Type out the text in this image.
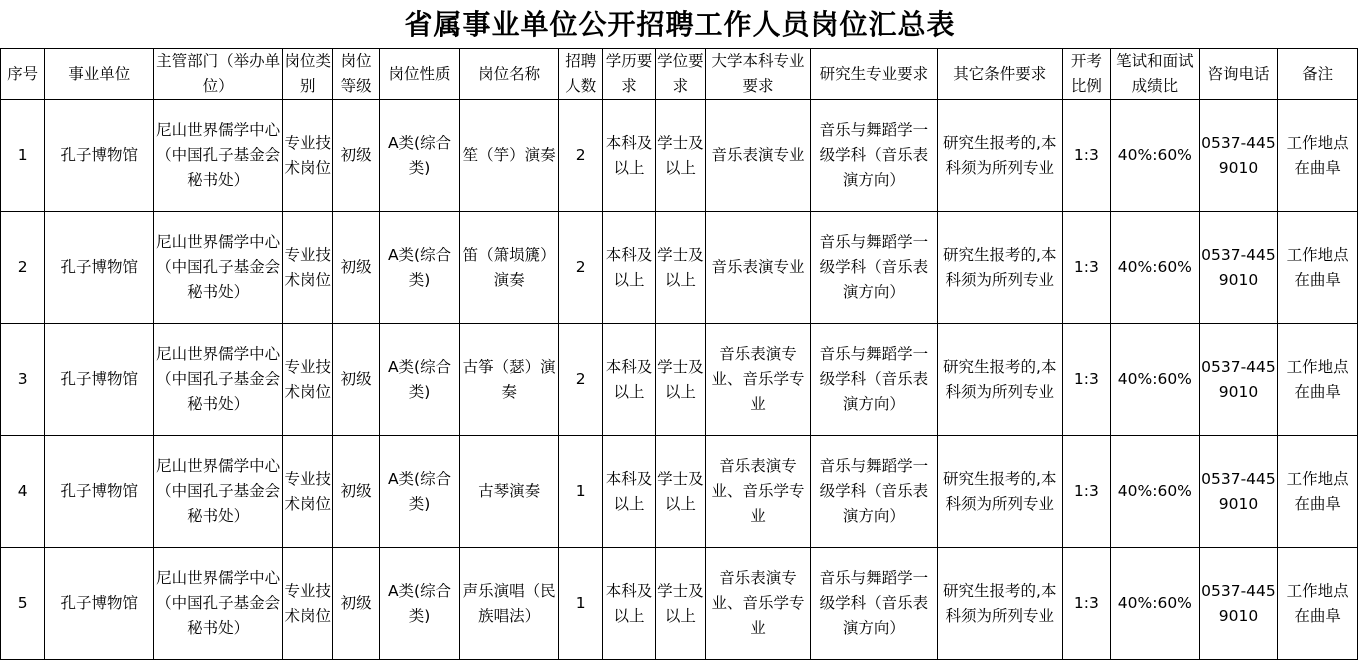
省属事业单位公开招聘工作人员岗位汇总表
序号	事业单位	主管部门（举办单位）	岗位类别	岗位等级	岗位性质	岗位名称	招聘人数	学历要求	学位要求	大学本科专业要求	研究生专业要求	其它条件要求	开考比例	笔试和面试成绩比	咨询电话	备注
1	孔子博物馆	尼山世界儒学中心（中国孔子基金会秘书处）	专业技术岗位	初级	A类(综合类)	笙（竽）演奏	2	本科及以上	学士及以上	音乐表演专业	音乐与舞蹈学一级学科（音乐表演方向）	研究生报考的,本科须为所列专业	1:3	40%:60%	0537-4459010	工作地点在曲阜
2	孔子博物馆	尼山世界儒学中心（中国孔子基金会秘书处）	专业技术岗位	初级	A类(综合类)	笛（箫埙篪）演奏	2	本科及以上	学士及以上	音乐表演专业	音乐与舞蹈学一级学科（音乐表演方向）	研究生报考的,本科须为所列专业	1:3	40%:60%	0537-4459010	工作地点在曲阜
3	孔子博物馆	尼山世界儒学中心（中国孔子基金会秘书处）	专业技术岗位	初级	A类(综合类)	古筝（瑟）演奏	2	本科及以上	学士及以上	音乐表演专业、音乐学专业	音乐与舞蹈学一级学科（音乐表演方向）	研究生报考的,本科须为所列专业	1:3	40%:60%	0537-4459010	工作地点在曲阜
4	孔子博物馆	尼山世界儒学中心（中国孔子基金会秘书处）	专业技术岗位	初级	A类(综合类)	古琴演奏	1	本科及以上	学士及以上	音乐表演专业、音乐学专业	音乐与舞蹈学一级学科（音乐表演方向）	研究生报考的,本科须为所列专业	1:3	40%:60%	0537-4459010	工作地点在曲阜
5	孔子博物馆	尼山世界儒学中心（中国孔子基金会秘书处）	专业技术岗位	初级	A类(综合类)	声乐演唱（民族唱法）	1	本科及以上	学士及以上	音乐表演专业、音乐学专业	音乐与舞蹈学一级学科（音乐表演方向）	研究生报考的,本科须为所列专业	1:3	40%:60%	0537-4459010	工作地点在曲阜
